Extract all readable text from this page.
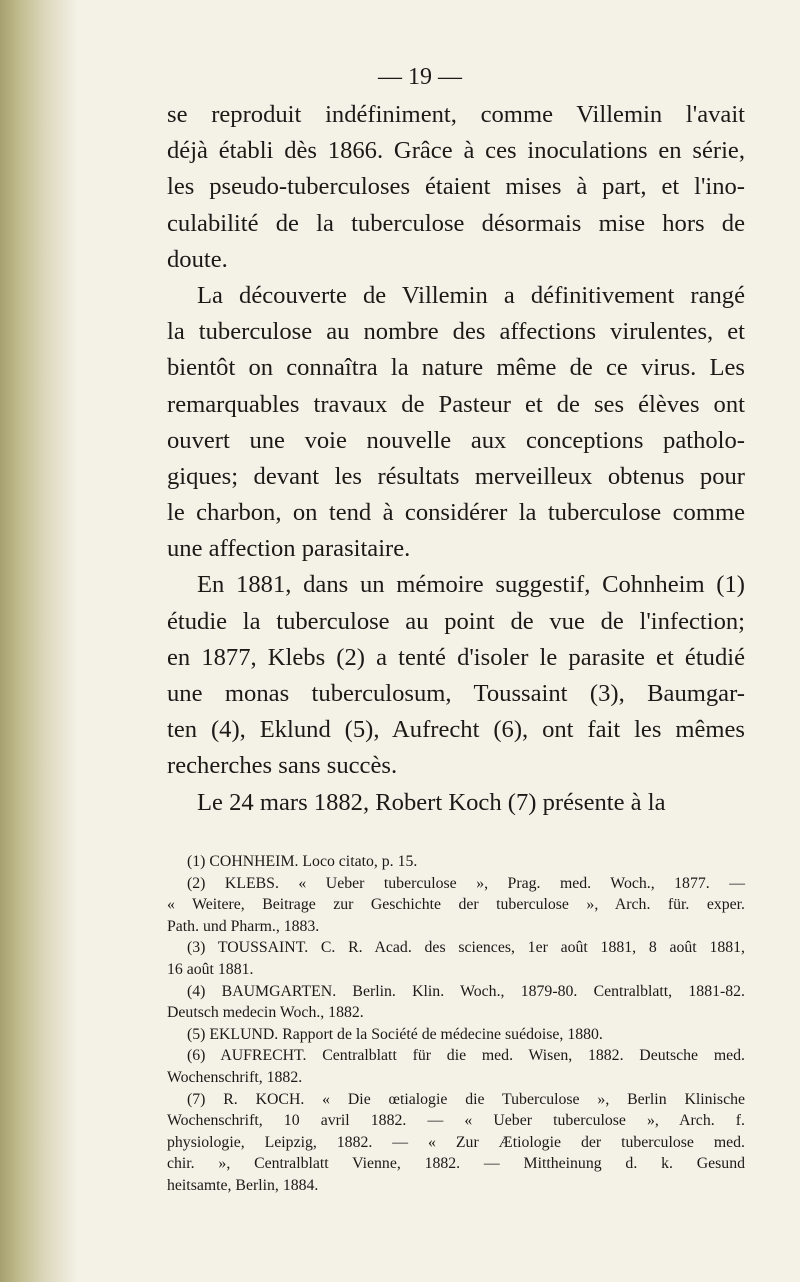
— 19 —
se reproduit indéfiniment, comme Villemin l'avait
déjà établi dès 1866. Grâce à ces inoculations en série,
les pseudo-tuberculoses étaient mises à part, et l'ino-
culabilité de la tuberculose désormais mise hors de
doute.
La découverte de Villemin a définitivement rangé
la tuberculose au nombre des affections virulentes, et
bientôt on connaîtra la nature même de ce virus. Les
remarquables travaux de Pasteur et de ses élèves ont
ouvert une voie nouvelle aux conceptions patholo-
giques; devant les résultats merveilleux obtenus pour
le charbon, on tend à considérer la tuberculose comme
une affection parasitaire.
En 1881, dans un mémoire suggestif, Cohnheim (1)
étudie la tuberculose au point de vue de l'infection;
en 1877, Klebs (2) a tenté d'isoler le parasite et étudié
une monas tuberculosum, Toussaint (3), Baumgar-
ten (4), Eklund (5), Aufrecht (6), ont fait les mêmes
recherches sans succès.
Le 24 mars 1882, Robert Koch (7) présente à la
(1) COHNHEIM. Loco citato, p. 15.
(2) KLEBS. « Ueber tuberculose », Prag. med. Woch., 1877. —
« Weitere, Beitrage zur Geschichte der tuberculose », Arch. für. exper.
Path. und Pharm., 1883.
(3) TOUSSAINT. C. R. Acad. des sciences, 1er août 1881, 8 août 1881,
16 août 1881.
(4) BAUMGARTEN. Berlin. Klin. Woch., 1879-80. Centralblatt, 1881-82.
Deutsch medecin Woch., 1882.
(5) EKLUND. Rapport de la Société de médecine suédoise, 1880.
(6) AUFRECHT. Centralblatt für die med. Wisen, 1882. Deutsche med.
Wochenschrift, 1882.
(7) R. KOCH. « Die œtialogie die Tuberculose », Berlin Klinische
Wochenschrift, 10 avril 1882. — « Ueber tuberculose », Arch. f.
physiologie, Leipzig, 1882. — « Zur Ætiologie der tuberculose med.
chir. », Centralblatt Vienne, 1882. — Mittheinung d. k. Gesund
heitsamte, Berlin, 1884.
